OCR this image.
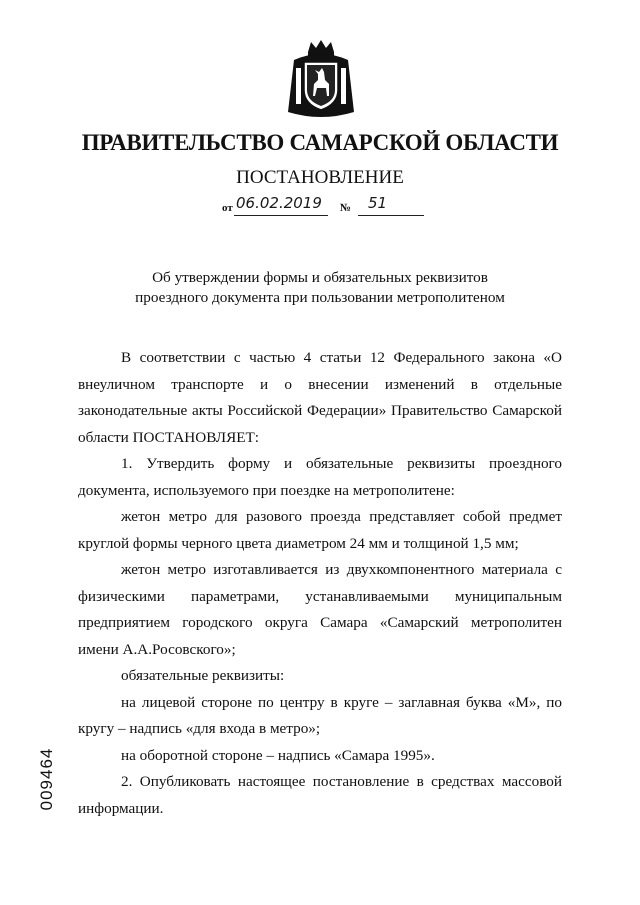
ПРАВИТЕЛЬСТВО САМАРСКОЙ ОБЛАСТИ
ПОСТАНОВЛЕНИЕ
от 06.02.2019 № 51
Об утверждении формы и обязательных реквизитов
проездного документа при пользовании метрополитеном

В соответствии с частью 4 статьи 12 Федерального закона «О внеуличном транспорте и о внесении изменений в отдельные законодательные акты Российской Федерации» Правительство Самарской области ПОСТАНОВЛЯЕТ:

1. Утвердить форму и обязательные реквизиты проездного документа, используемого при поездке на метрополитене:

жетон метро для разового проезда представляет собой предмет круглой формы черного цвета диаметром 24 мм и толщиной 1,5 мм;

жетон метро изготавливается из двухкомпонентного материала с физическими параметрами, устанавливаемыми муниципальным предприятием городского округа Самара «Самарский метрополитен имени А.А.Росовского»;

обязательные реквизиты:

на лицевой стороне по центру в круге – заглавная буква «М», по кругу – надпись «для входа в метро»;

на оборотной стороне – надпись «Самара 1995».

2. Опубликовать настоящее постановление в средствах массовой информации.

009464
